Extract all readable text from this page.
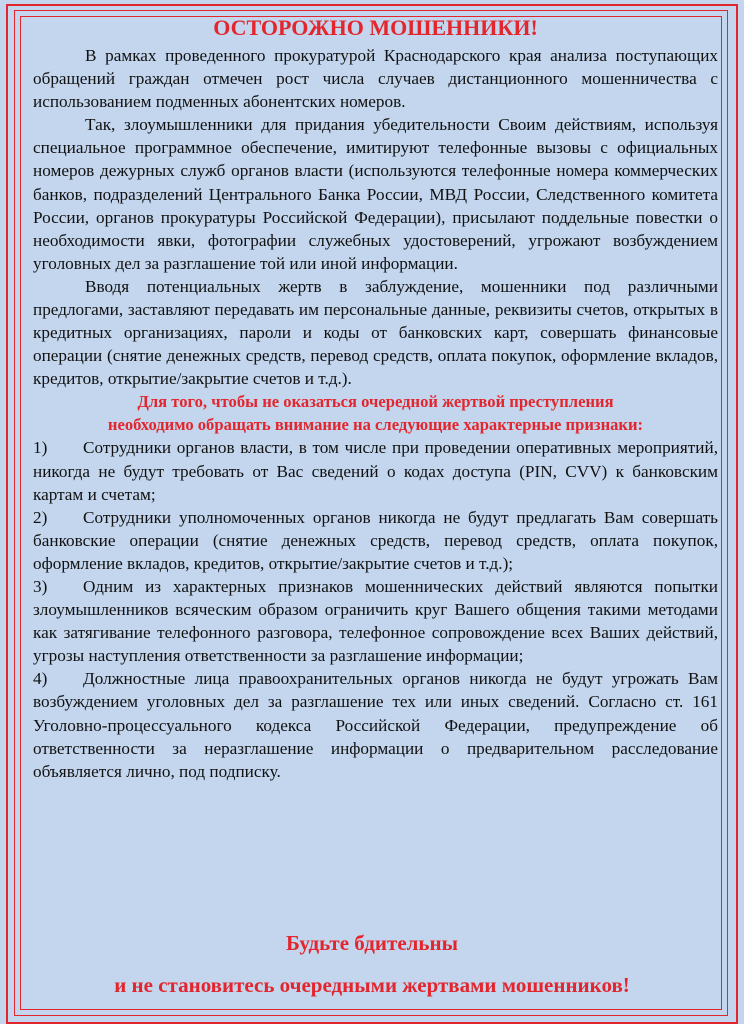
ОСТОРОЖНО МОШЕННИКИ!

В рамках проведенного прокуратурой Краснодарского края анализа поступающих обращений граждан отмечен рост числа случаев дистанционного мошенничества с использованием подменных абонентских номеров.

Так, злоумышленники для придания убедительности Своим действиям, используя специальное программное обеспечение, имитируют телефонные вызовы с официальных номеров дежурных служб органов власти (используются телефонные номера коммерческих банков, подразделений Центрального Банка России, МВД России, Следственного комитета России, органов прокуратуры Российской Федерации), присылают поддельные повестки о необходимости явки, фотографии служебных удостоверений, угрожают возбуждением уголовных дел за разглашение той или иной информации.

Вводя потенциальных жертв в заблуждение, мошенники под различными предлогами, заставляют передавать им персональные данные, реквизиты счетов, открытых в кредитных организациях, пароли и коды от банковских карт, совершать финансовые операции (снятие денежных средств, перевод средств, оплата покупок, оформление вкладов, кредитов, открытие/закрытие счетов и т.д.).

Для того, чтобы не оказаться очередной жертвой преступления

необходимо обращать внимание на следующие характерные признаки:

1) Сотрудники органов власти, в том числе при проведении оперативных мероприятий, никогда не будут требовать от Вас сведений о кодах доступа (PIN, CVV) к банковским картам и счетам;

2) Сотрудники уполномоченных органов никогда не будут предлагать Вам совершать банковские операции (снятие денежных средств, перевод средств, оплата покупок, оформление вкладов, кредитов, открытие/закрытие счетов и т.д.);

3) Одним из характерных признаков мошеннических действий являются попытки злоумышленников всяческим образом ограничить круг Вашего общения такими методами как затягивание телефонного разговора, телефонное сопровождение всех Ваших действий, угрозы наступления ответственности за разглашение информации;

4) Должностные лица правоохранительных органов никогда не будут угрожать Вам возбуждением уголовных дел за разглашение тех или иных сведений. Согласно ст. 161 Уголовно-процессуального кодекса Российской Федерации, предупреждение об ответственности за неразглашение информации о предварительном расследование объявляется лично, под подписку.

Будьте бдительны
и не становитесь очередными жертвами мошенников!
